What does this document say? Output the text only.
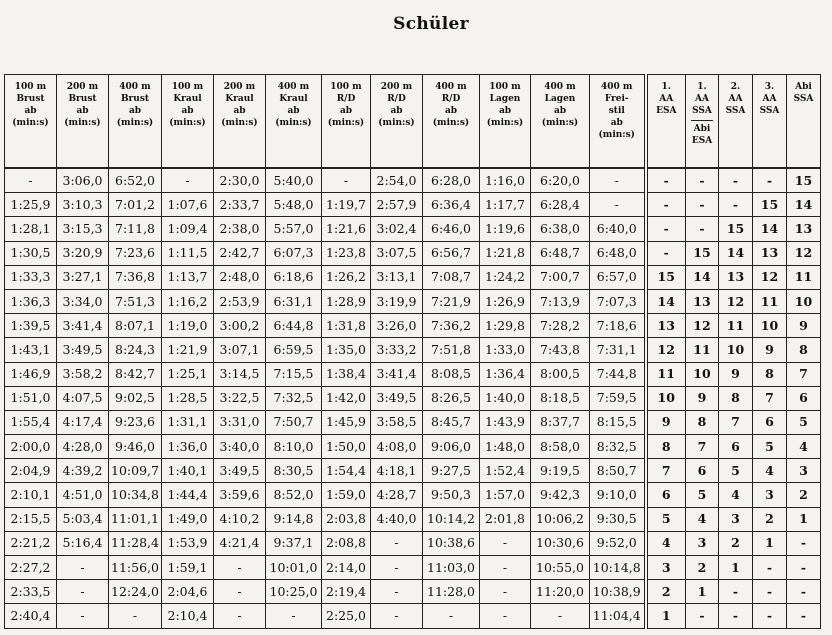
Schüler
100 m
Brust
ab
(min:s)	200 m
Brust
ab
(min:s)	400 m
Brust
ab
(min:s)	100 m
Kraul
ab
(min:s)	200 m
Kraul
ab
(min:s)	400 m
Kraul
ab
(min:s)	100 m
R/D
ab
(min:s)	200 m
R/D
ab
(min:s)	400 m
R/D
ab
(min:s)	100 m
Lagen
ab
(min:s)	400 m
Lagen
ab
(min:s)	400 m
Frei-
stil
ab
(min:s)	1.
AA
ESA	1.
AA
SSA
Abi
ESA	2.
AA
SSA	3.
AA
SSA	Abi
SSA

-	3:06,0	6:52,0	-	2:30,0	5:40,0	-	2:54,0	6:28,0	1:16,0	6:20,0	-	-	-	-	-	15
1:25,9	3:10,3	7:01,2	1:07,6	2:33,7	5:48,0	1:19,7	2:57,9	6:36,4	1:17,7	6:28,4	-	-	-	-	15	14
1:28,1	3:15,3	7:11,8	1:09,4	2:38,0	5:57,0	1:21,6	3:02,4	6:46,0	1:19,6	6:38,0	6:40,0	-	-	15	14	13
1:30,5	3:20,9	7:23,6	1:11,5	2:42,7	6:07,3	1:23,8	3:07,5	6:56,7	1:21,8	6:48,7	6:48,0	-	15	14	13	12
1:33,3	3:27,1	7:36,8	1:13,7	2:48,0	6:18,6	1:26,2	3:13,1	7:08,7	1:24,2	7:00,7	6:57,0	15	14	13	12	11
1:36,3	3:34,0	7:51,3	1:16,2	2:53,9	6:31,1	1:28,9	3:19,9	7:21,9	1:26,9	7:13,9	7:07,3	14	13	12	11	10
1:39,5	3:41,4	8:07,1	1:19,0	3:00,2	6:44,8	1:31,8	3:26,0	7:36,2	1:29,8	7:28,2	7:18,6	13	12	11	10	9
1:43,1	3:49,5	8:24,3	1:21,9	3:07,1	6:59,5	1:35,0	3:33,2	7:51,8	1:33,0	7:43,8	7:31,1	12	11	10	9	8
1:46,9	3:58,2	8:42,7	1:25,1	3:14,5	7:15,5	1:38,4	3:41,4	8:08,5	1:36,4	8:00,5	7:44,8	11	10	9	8	7
1:51,0	4:07,5	9:02,5	1:28,5	3:22,5	7:32,5	1:42,0	3:49,5	8:26,5	1:40,0	8:18,5	7:59,5	10	9	8	7	6
1:55,4	4:17,4	9:23,6	1:31,1	3:31,0	7:50,7	1:45,9	3:58,5	8:45,7	1:43,9	8:37,7	8:15,5	9	8	7	6	5
2:00,0	4:28,0	9:46,0	1:36,0	3:40,0	8:10,0	1:50,0	4:08,0	9:06,0	1:48,0	8:58,0	8:32,5	8	7	6	5	4
2:04,9	4:39,2	10:09,7	1:40,1	3:49,5	8:30,5	1:54,4	4:18,1	9:27,5	1:52,4	9:19,5	8:50,7	7	6	5	4	3
2:10,1	4:51,0	10:34,8	1:44,4	3:59,6	8:52,0	1:59,0	4:28,7	9:50,3	1:57,0	9:42,3	9:10,0	6	5	4	3	2
2:15,5	5:03,4	11:01,1	1:49,0	4:10,2	9:14,8	2:03,8	4:40,0	10:14,2	2:01,8	10:06,2	9:30,5	5	4	3	2	1
2:21,2	5:16,4	11:28,4	1:53,9	4:21,4	9:37,1	2:08,8	-	10:38,6	-	10:30,6	9:52,0	4	3	2	1	-
2:27,2	-	11:56,0	1:59,1	-	10:01,0	2:14,0	-	11:03,0	-	10:55,0	10:14,8	3	2	1	-	-
2:33,5	-	12:24,0	2:04,6	-	10:25,0	2:19,4	-	11:28,0	-	11:20,0	10:38,9	2	1	-	-	-
2:40,4	-	-	2:10,4	-	-	2:25,0	-	-	-	-	11:04,4	1	-	-	-	-
